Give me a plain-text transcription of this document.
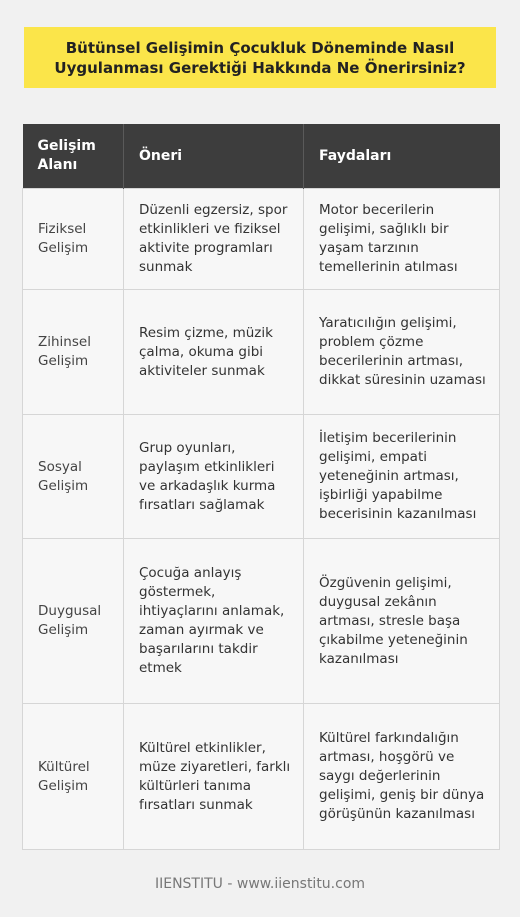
Bütünsel Gelişimin Çocukluk Döneminde Nasıl Uygulanması Gerektiği Hakkında Ne Önerirsiniz?
Gelişim Alanı	Öneri	Faydaları
Fiziksel Gelişim	Düzenli egzersiz, spor etkinlikleri ve fiziksel aktivite programları sunmak	Motor becerilerin gelişimi, sağlıklı bir yaşam tarzının temellerinin atılması
Zihinsel Gelişim	Resim çizme, müzik çalma, okuma gibi aktiviteler sunmak	Yaratıcılığın gelişimi, problem çözme becerilerinin artması, dikkat süresinin uzaması
Sosyal Gelişim	Grup oyunları, paylaşım etkinlikleri ve arkadaşlık kurma fırsatları sağlamak	İletişim becerilerinin gelişimi, empati yeteneğinin artması, işbirliği yapabilme becerisinin kazanılması
Duygusal Gelişim	Çocuğa anlayış göstermek, ihtiyaçlarını anlamak, zaman ayırmak ve başarılarını takdir etmek	Özgüvenin gelişimi, duygusal zekânın artması, stresle başa çıkabilme yeteneğinin kazanılması
Kültürel Gelişim	Kültürel etkinlikler, müze ziyaretleri, farklı kültürleri tanıma fırsatları sunmak	Kültürel farkındalığın artması, hoşgörü ve saygı değerlerinin gelişimi, geniş bir dünya görüşünün kazanılması
IIENSTITU - www.iienstitu.com
